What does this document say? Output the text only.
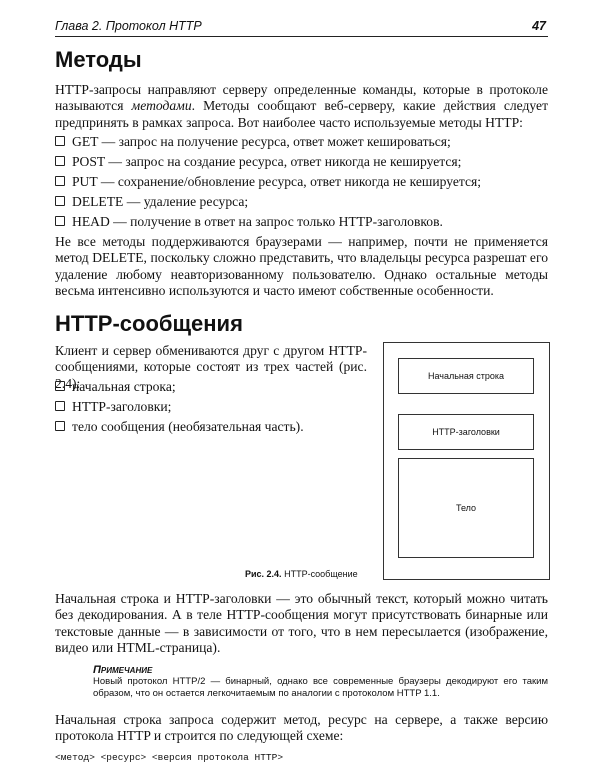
Глава 2. Протокол HTTP	47
Методы
HTTP-запросы направляют серверу определенные команды, которые в протоколе называются методами. Методы сообщают веб-серверу, какие действия следует предпринять в рамках запроса. Вот наиболее часто используемые методы HTTP:
GET — запрос на получение ресурса, ответ может кешироваться;
POST — запрос на создание ресурса, ответ никогда не кешируется;
PUT — сохранение/обновление ресурса, ответ никогда не кешируется;
DELETE — удаление ресурса;
HEAD — получение в ответ на запрос только HTTP-заголовков.
Не все методы поддерживаются браузерами — например, почти не применяется метод DELETE, поскольку сложно представить, что владельцы ресурса разрешат его удаление любому неавторизованному пользователю. Однако остальные методы весьма интенсивно используются и часто имеют собственные особенности.
HTTP-сообщения
Клиент и сервер обмениваются друг с другом HTTP-сообщениями, которые состоят из трех частей (рис. 2.4):
начальная строка;
HTTP-заголовки;
тело сообщения (необязательная часть).
Начальная строка
HTTP-заголовки
Тело
Рис. 2.4. HTTP-сообщение
Начальная строка и HTTP-заголовки — это обычный текст, который можно читать без декодирования. А в теле HTTP-сообщения могут присутствовать бинарные или текстовые данные — в зависимости от того, что в нем пересылается (изображение, видео или HTML-страница).
Примечание
Новый протокол HTTP/2 — бинарный, однако все современные браузеры декодируют его таким образом, что он остается легкочитаемым по аналогии с протоколом HTTP 1.1.
Начальная строка запроса содержит метод, ресурс на сервере, а также версию протокола HTTP и строится по следующей схеме:
<метод> <ресурс> <версия протокола HTTP>
